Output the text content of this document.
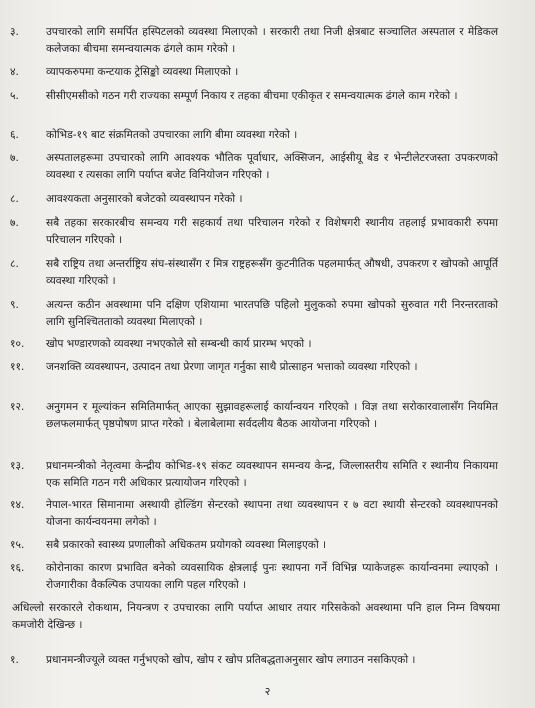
३.	उपचारको लागि समर्पित हस्पिटलको व्यवस्था मिलाएको । सरकारी तथा निजी क्षेत्रबाट सञ्चालित अस्पताल र मेडिकल कलेजका बीचमा समन्वयात्मक ढंगले काम गरेको ।
४.	व्यापकरुपमा कन्टयाक ट्रेसिङ्को व्यवस्था मिलाएको ।
५.	सीसीएमसीको गठन गरी राज्यका सम्पूर्ण निकाय र तहका बीचमा एकीकृत र समन्वयात्मक ढंगले काम गरेको ।
६.	कोभिड-१९ बाट संक्रमितको उपचारका लागि बीमा व्यवस्था गरेको ।
७.	अस्पतालहरूमा उपचारको लागि आवश्यक भौतिक पूर्वाधार, अक्सिजन, आईसीयू बेड र भेन्टीलेटरजस्ता उपकरणको व्यवस्था र त्यसका लागि पर्याप्त बजेट विनियोजन गरिएको ।
८.	आवश्यकता अनुसारको बजेटको व्यवस्थापन गरेको ।
७.	सबै तहका सरकारबीच समन्वय गरी सहकार्य तथा परिचालन गरेको र विशेषगरी स्थानीय तहलाई प्रभावकारी रुपमा परिचालन गरिएको ।
८.	सबै राष्ट्रिय तथा अन्तर्राष्ट्रिय संघ-संस्थासँग र मित्र राष्ट्रहरूसँग कुटनीतिक पहलमार्फत् औषधी, उपकरण र खोपको आपूर्ति व्यवस्था गरिएको ।
९.	अत्यन्त कठीन अवस्थामा पनि दक्षिण एशियामा भारतपछि पहिलो मुलुकको रुपमा खोपको सुरुवात गरी निरन्तरताको लागि सुनिश्चितताको व्यवस्था मिलाएको ।
१०.	खोप भण्डारणको व्यवस्था नभएकोले सो सम्बन्धी कार्य प्रारम्भ भएको ।
११.	जनशक्ति व्यवस्थापन, उत्पादन तथा प्रेरणा जागृत गर्नुका साथै प्रोत्साहन भत्ताको व्यवस्था गरिएको ।
१२.	अनुगमन र मूल्यांकन समितिमार्फत् आएका सुझावहरूलाई कार्यान्वयन गरिएको । विज्ञ तथा सरोकारवालासँग नियमित छलफलमार्फत् पृष्ठपोषण प्राप्त गरेको । बेलाबेलामा सर्वदलीय बैठक आयोजना गरिएको ।
१३.	प्रधानमन्त्रीको नेतृत्वमा केन्द्रीय कोभिड-१९ संकट व्यवस्थापन समन्वय केन्द्र, जिल्लास्तरीय समिति र स्थानीय निकायमा एक समिति गठन गरी अधिकार प्रत्यायोजन गरिएको ।
१४.	नेपाल-भारत सिमानामा अस्थायी होल्डिंग सेन्टरको स्थापना तथा व्यवस्थापन र ७ वटा स्थायी सेन्टरको व्यवस्थापनको योजना कार्यन्वयनमा लगेको ।
१५.	सबै प्रकारको स्वास्थ्य प्रणालीको अधिकतम प्रयोगको व्यवस्था मिलाइएको ।
१६.	कोरोनाका कारण प्रभावित बनेको व्यवसायिक क्षेत्रलाई पुनः स्थापना गर्ने विभिन्न प्याकेजहरू कार्यान्वनमा ल्याएको । रोजगारीका वैकल्पिक उपायका लागि पहल गरिएको ।
अधिल्लो सरकारले रोकथाम, नियन्त्रण र उपचारका लागि पर्याप्त आधार तयार गरिसकेको अवस्थामा पनि हाल निम्न विषयमा कमजोरी देखिन्छ ।
१.	प्रधानमन्त्रीज्यूले व्यक्त गर्नुभएको खोप, खोप र खोप प्रतिबद्धताअनुसार खोप लगाउन नसकिएको ।
२
